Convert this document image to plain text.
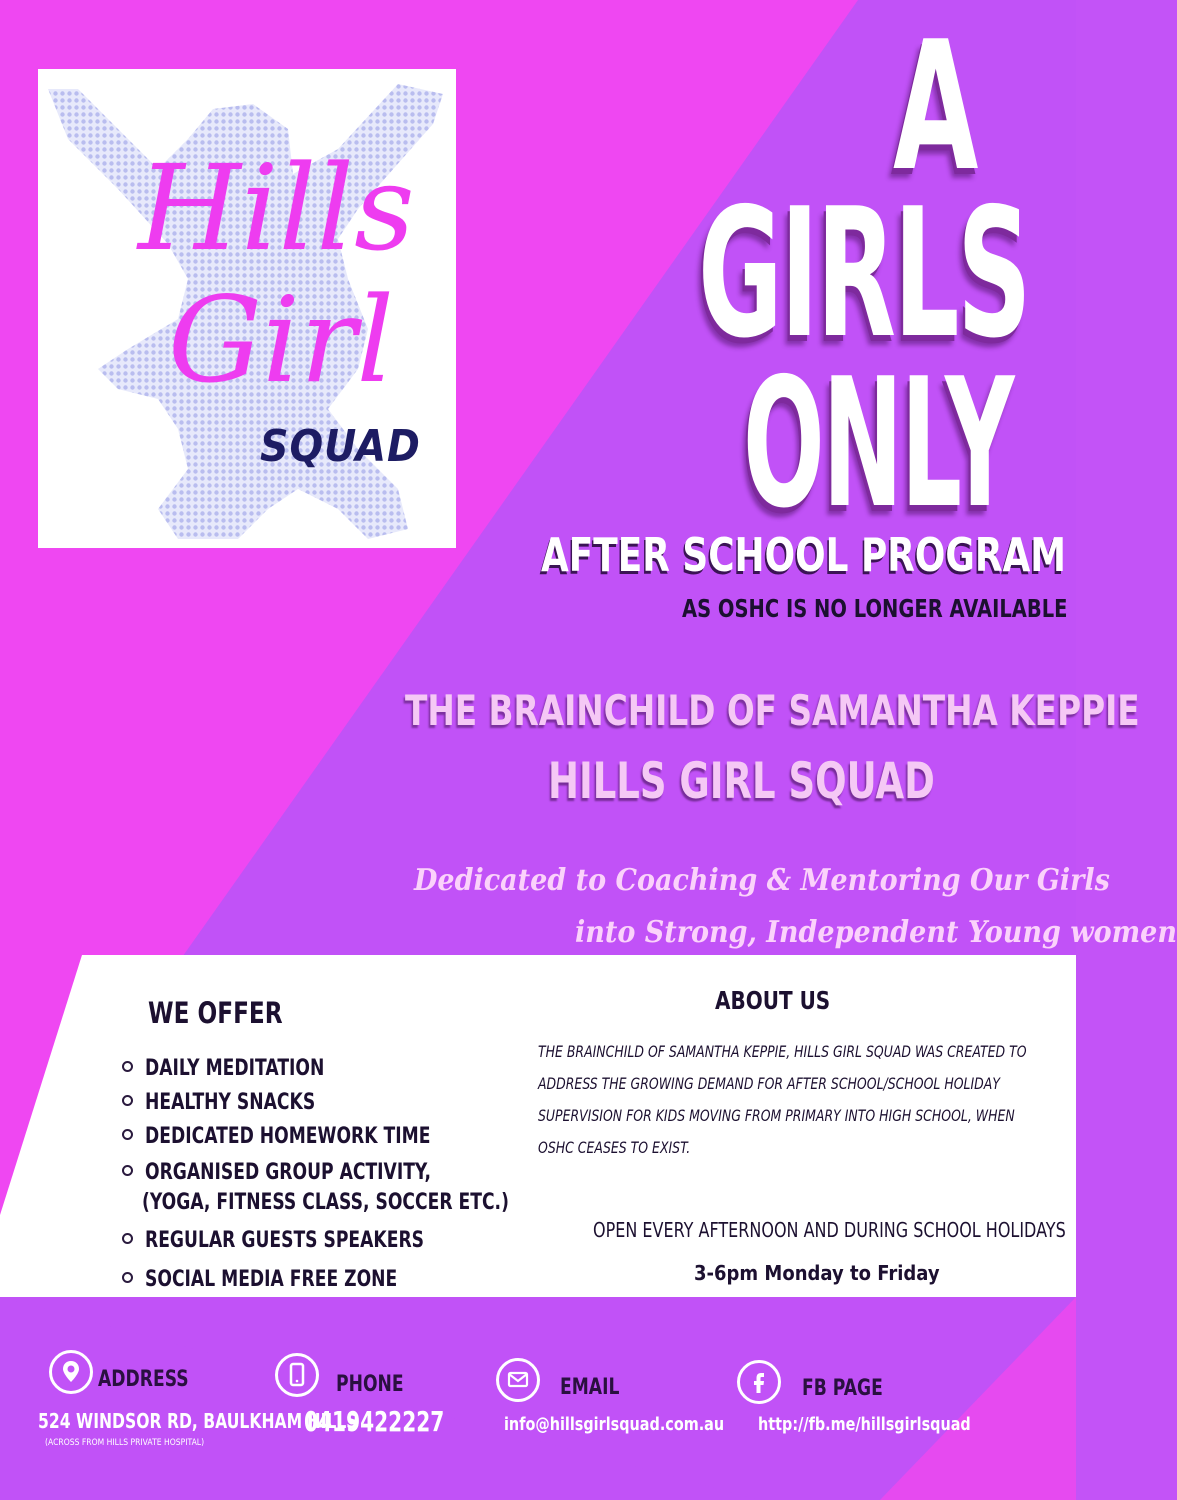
Hills
Girl
SQUAD
A
GIRLS
ONLY
AFTER SCHOOL PROGRAM
AS OSHC IS NO LONGER AVAILABLE
THE BRAINCHILD OF SAMANTHA KEPPIE
HILLS GIRL SQUAD
Dedicated to Coaching & Mentoring Our Girls
into Strong, Independent Young women
WE OFFER
DAILY MEDITATION
HEALTHY SNACKS
DEDICATED HOMEWORK TIME
ORGANISED GROUP ACTIVITY,
(YOGA, FITNESS CLASS, SOCCER ETC.)
REGULAR GUESTS SPEAKERS
SOCIAL MEDIA FREE ZONE
ABOUT US
THE BRAINCHILD OF SAMANTHA KEPPIE, HILLS GIRL SQUAD WAS CREATED TO ADDRESS THE GROWING DEMAND FOR AFTER SCHOOL/SCHOOL HOLIDAY SUPERVISION FOR KIDS MOVING FROM PRIMARY INTO HIGH SCHOOL, WHEN OSHC CEASES TO EXIST.
OPEN EVERY AFTERNOON AND DURING SCHOOL HOLIDAYS
3-6pm Monday to Friday
ADDRESS
524 WINDSOR RD, BAULKHAM HILLS
(ACROSS FROM HILLS PRIVATE HOSPITAL)
PHONE
0419422227
EMAIL
info@hillsgirlsquad.com.au
FB PAGE
http://fb.me/hillsgirlsquad
